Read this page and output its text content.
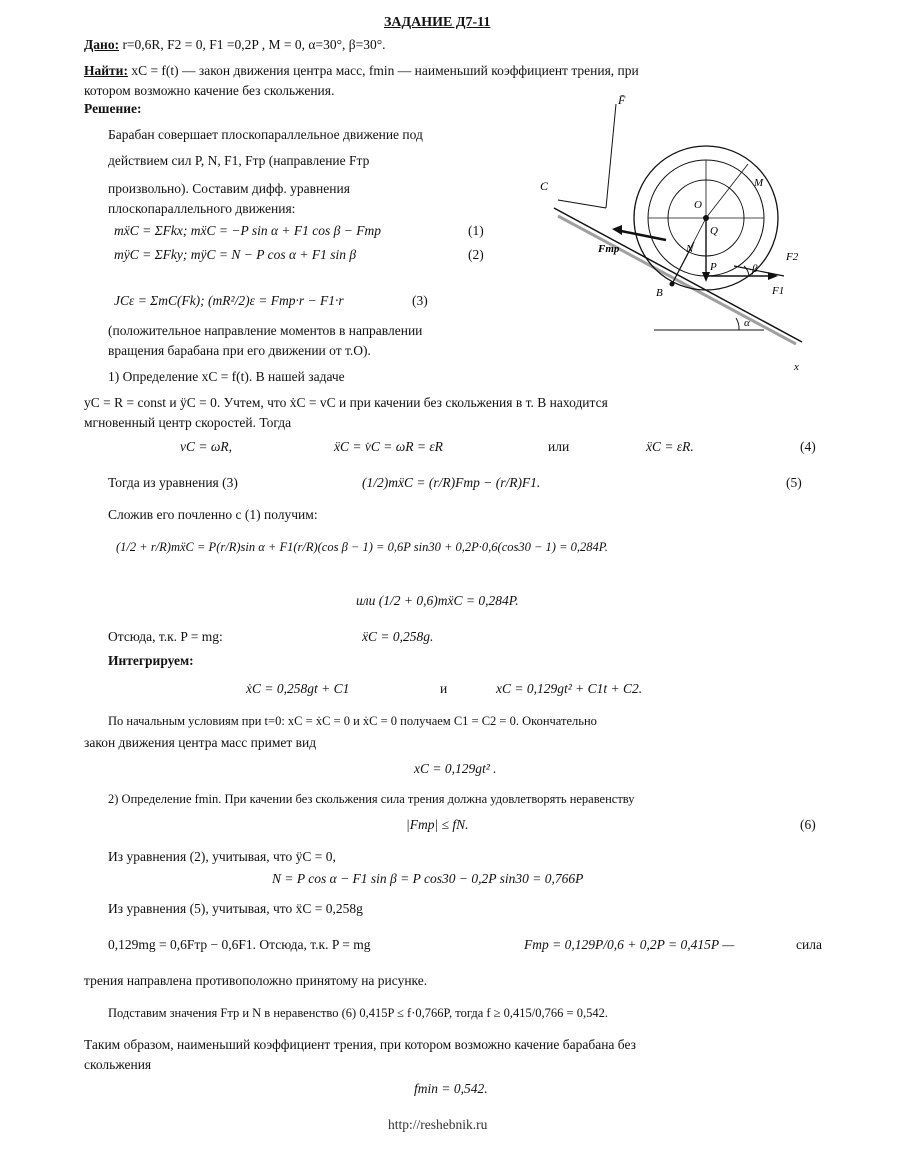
ЗАДАНИЕ Д7-11
Дано: r=0,6R, F2 = 0, F1 =0,2P , M = 0, α=30°, β=30°.
Найти: xC = f(t) — закон движения центра масс, fmin — наименьший коэффициент трения, при
котором возможно качение без скольжения.
Решение:
Барабан совершает плоскопараллельное движение под
действием сил P, N, F1, Fтр (направление Fтр
произвольно). Составим дифф. уравнения
плоскопараллельного движения:
mẍC = ΣFkx; mẍC = −P sin α + F1 cos β − Fтр	(1)
mÿC = ΣFky; mÿC = N − P cos α + F1 sin β	(2)
JCε = ΣmC(Fk); (mR²/2)ε = Fтр·r − F1·r	(3)
(положительное направление моментов в направлении
вращения барабана при его движении от т.O).
1) Определение xC = f(t). В нашей задаче
yC = R = const и ÿC = 0. Учтем, что ẋC = vC и при качении без скольжения в т. B находится
мгновенный центр скоростей. Тогда
vC = ωR,	ẍC = v̇C = ω̇R = εR	или	ẍC = εR.	(4)
Тогда из уравнения (3)	(1/2)mẍC = (r/R)Fтр − (r/R)F1.	(5)
Сложив его почленно с (1) получим:
(1/2 + r/R)mẍC = P(r/R)sin α + F1(r/R)(cos β − 1) = 0,6P sin30 + 0,2P·0,6(cos30 − 1) = 0,284P.
или (1/2 + 0,6)mẍC = 0,284P.
Отсюда, т.к. P = mg:	ẍC = 0,258g.
Интегрируем:
ẋC = 0,258gt + C1	и	xC = 0,129gt² + C1t + C2.
По начальным условиям при t=0: xC = ẋC = 0 и ẋC = 0 получаем C1 = C2 = 0. Окончательно
закон движения центра масс примет вид
xC = 0,129gt² .
2) Определение fmin. При качении без скольжения сила трения должна удовлетворять неравенству
|Fтр| ≤ fN.	(6)
Из уравнения (2), учитывая, что ÿC = 0,
N = P cos α − F1 sin β = P cos30 − 0,2P sin30 = 0,766P
Из уравнения (5), учитывая, что ẍC = 0,258g
0,129mg = 0,6Fтр − 0,6F1. Отсюда, т.к. P = mg	Fтр = 0,129P/0,6 + 0,2P = 0,415P —	сила
трения направлена противоположно принятому на рисунке.
Подставим значения Fтр и N в неравенство (6) 0,415P ≤ f·0,766P, тогда f ≥ 0,415/0,766 = 0,542.
Таким образом, наименьший коэффициент трения, при котором возможно качение барабана без
скольжения
fmin = 0,542.
http://reshebnik.ru
F̄
C
O
Q
M
B
N
P
F1
F2
Fтр
β
α
x
